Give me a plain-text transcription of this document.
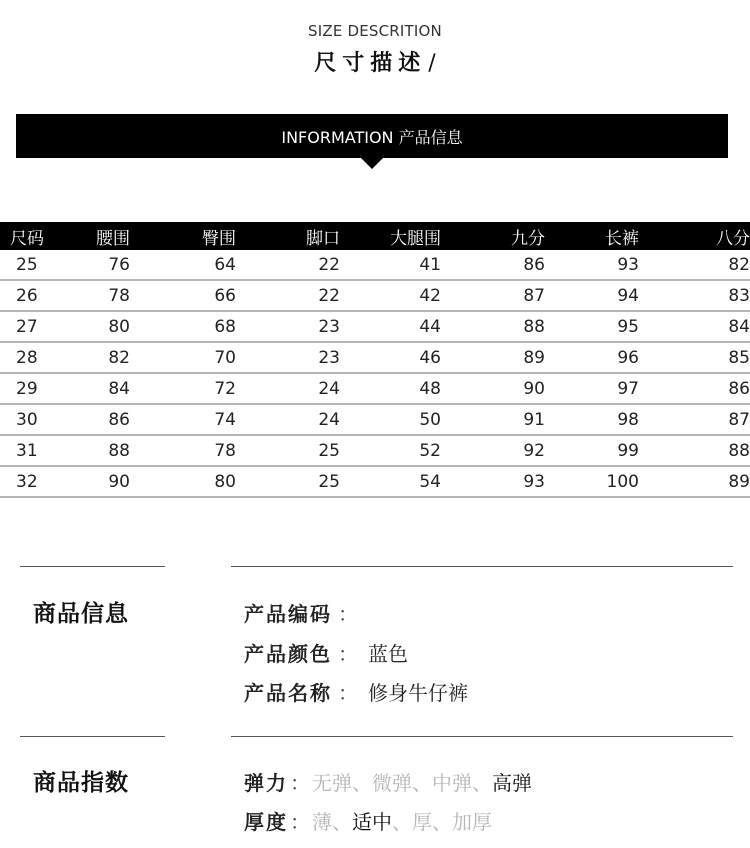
SIZE DESCRITION
尺寸描述/
INFORMATION 产品信息
尺码	腰围	臀围	脚口	大腿围	九分	长裤	八分
25	76	64	22	41	86	93	82
26	78	66	22	42	87	94	83
27	80	68	23	44	88	95	84
28	82	70	23	46	89	96	85
29	84	72	24	48	90	97	86
30	86	74	24	50	91	98	87
31	88	78	25	52	92	99	88
32	90	80	25	54	93	100	89
商品信息	产品编码 ：
产品颜色 ： 蓝色
产品名称 ： 修身牛仔裤
商品指数	弹力 ： 无弹、微弹、中弹、高弹
厚度 ： 薄、适中、厚、加厚
